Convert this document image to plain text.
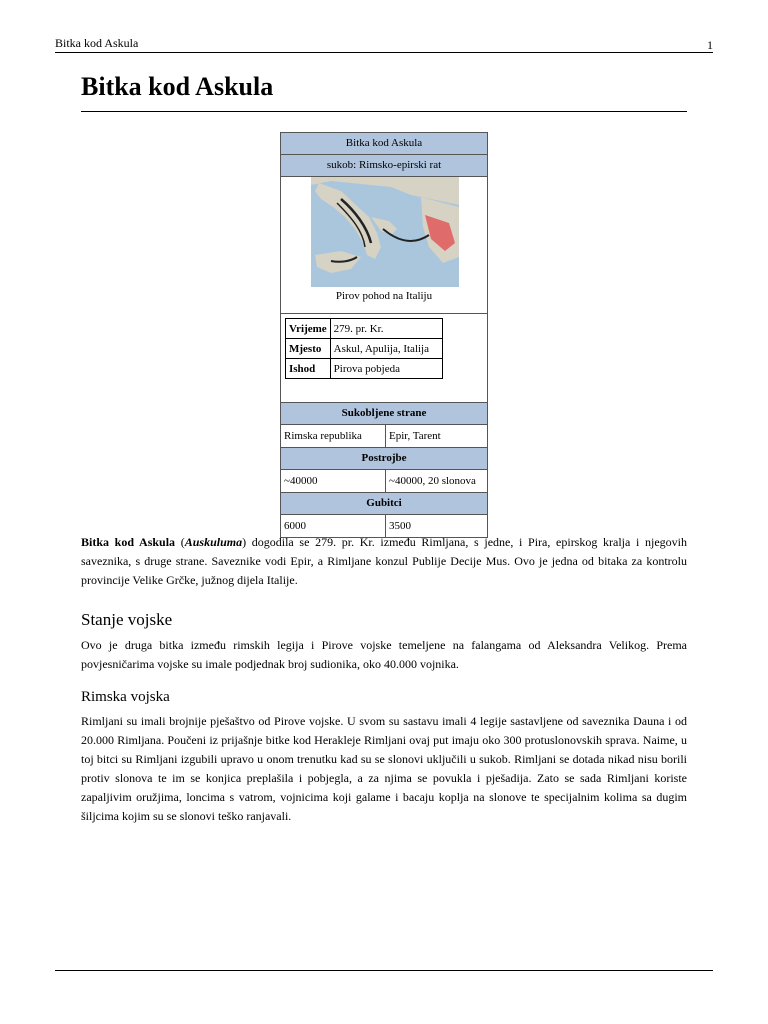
Bitka kod Askula	1
Bitka kod Askula
Bitka kod Askula
sukob: Rimsko-epirski rat
Pirov pohod na Italiju
Vrijeme	279. pr. Kr.
Mjesto	Askul, Apulija, Italija
Ishod	Pirova pobjeda
Sukobljene strane
Rimska republika	Epir, Tarent
Postrojbe
~40000	~40000, 20 slonova
Gubitci
6000	3500

Bitka kod Askula (Auskuluma) dogodila se 279. pr. Kr. između Rimljana, s jedne, i Pira, epirskog kralja i njegovih saveznika, s druge strane. Saveznike vodi Epir, a Rimljane konzul Publije Decije Mus. Ovo je jedna od bitaka za kontrolu provincije Velike Grčke, južnog dijela Italije.

Stanje vojske

Ovo je druga bitka između rimskih legija i Pirove vojske temeljene na falangama od Aleksandra Velikog. Prema povjesničarima vojske su imale podjednak broj sudionika, oko 40.000 vojnika.

Rimska vojska

Rimljani su imali brojnije pješaštvo od Pirove vojske. U svom su sastavu imali 4 legije sastavljene od saveznika Dauna i od 20.000 Rimljana. Poučeni iz prijašnje bitke kod Herakleje Rimljani ovaj put imaju oko 300 protuslonovskih sprava. Naime, u toj bitci su Rimljani izgubili upravo u onom trenutku kad su se slonovi uključili u sukob. Rimljani se dotada nikad nisu borili protiv slonova te im se konjica preplašila i pobjegla, a za njima se povukla i pješadija. Zato se sada Rimljani koriste zapaljivim oružjima, loncima s vatrom, vojnicima koji galame i bacaju koplja na slonove te specijalnim kolima sa dugim šiljcima kojim su se slonovi teško ranjavali.
